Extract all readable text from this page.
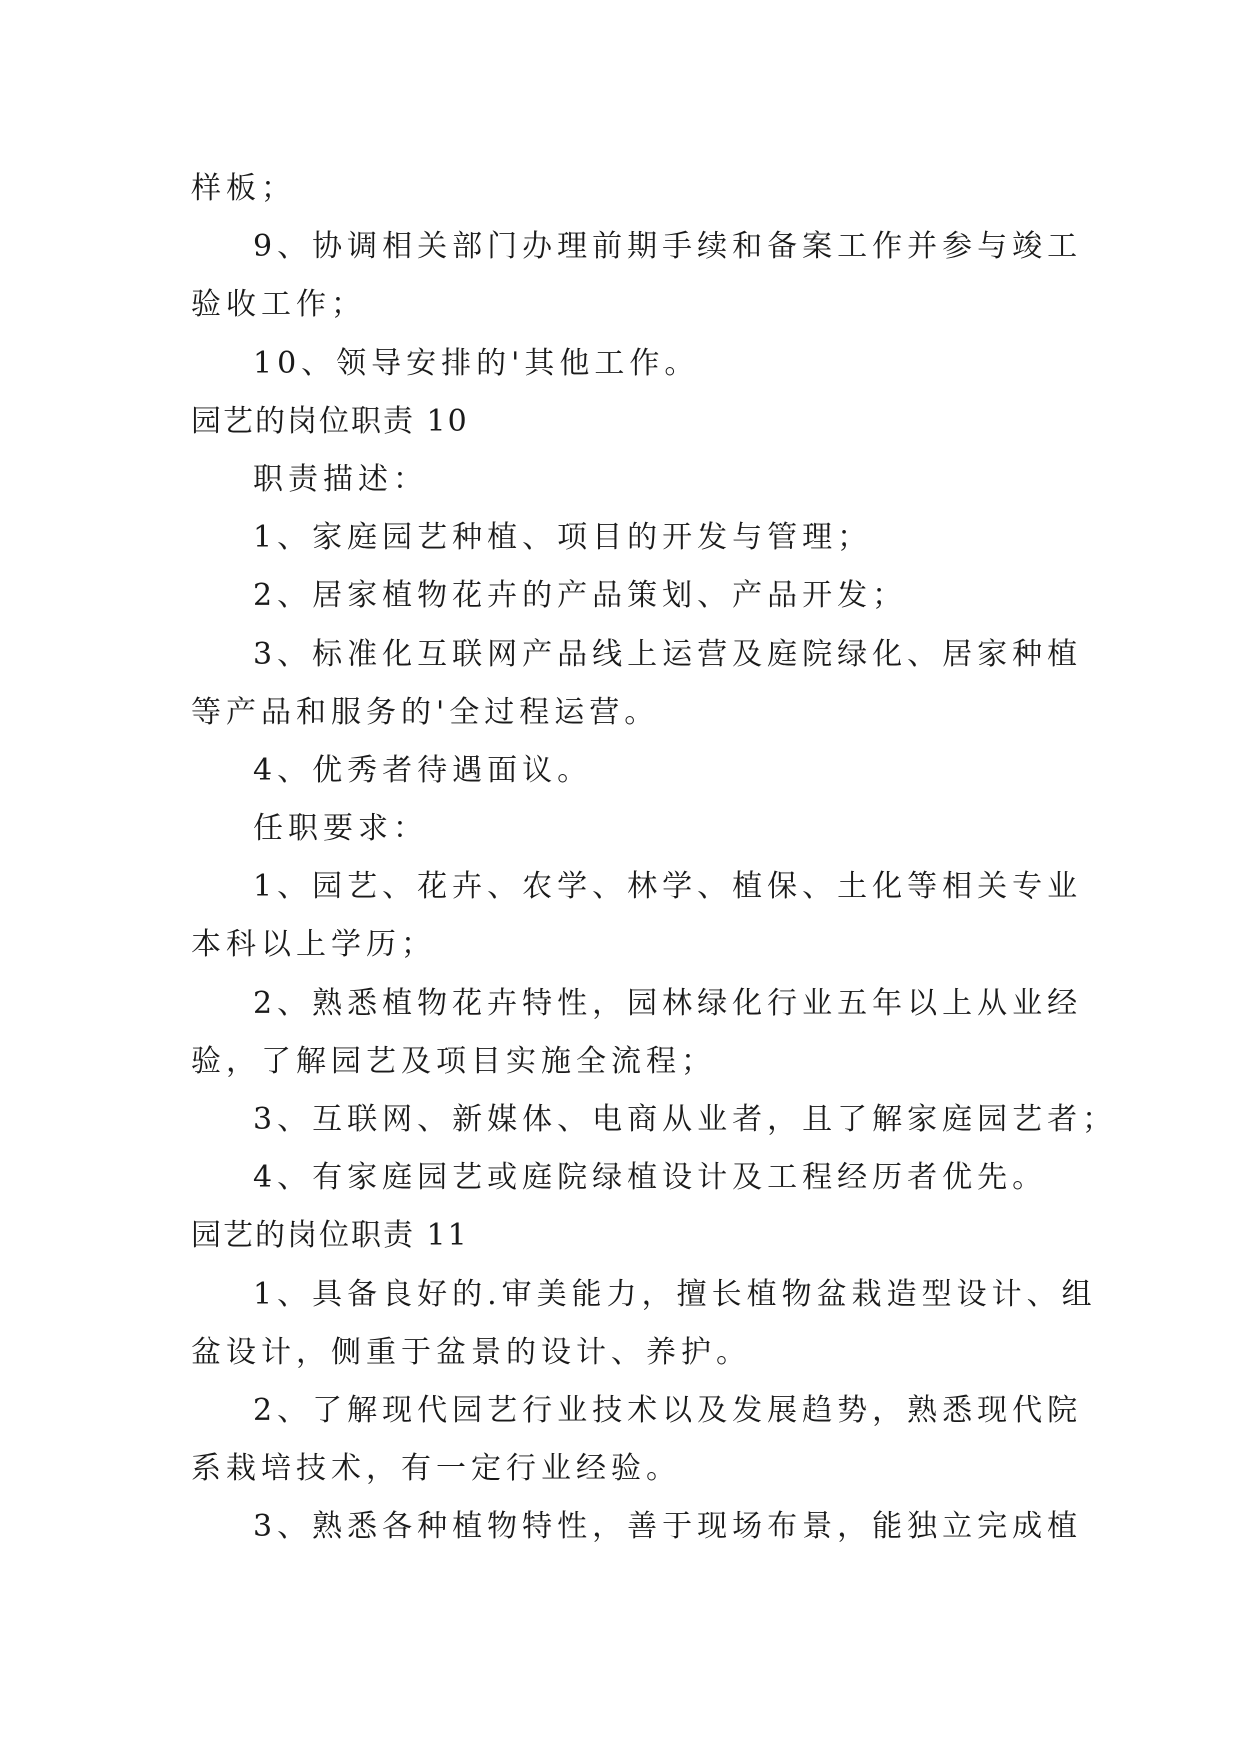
样板；
9、协调相关部门办理前期手续和备案工作并参与竣工
验收工作；
10、领导安排的'其他工作。
园艺的岗位职责 10
职责描述：
1、家庭园艺种植、项目的开发与管理；
2、居家植物花卉的产品策划、产品开发；
3、标准化互联网产品线上运营及庭院绿化、居家种植
等产品和服务的'全过程运营。
4、优秀者待遇面议。
任职要求：
1、园艺、花卉、农学、林学、植保、土化等相关专业
本科以上学历；
2、熟悉植物花卉特性，园林绿化行业五年以上从业经
验，了解园艺及项目实施全流程；
3、互联网、新媒体、电商从业者，且了解家庭园艺者；
4、有家庭园艺或庭院绿植设计及工程经历者优先。
园艺的岗位职责 11
1、具备良好的.审美能力，擅长植物盆栽造型设计、组
盆设计，侧重于盆景的设计、养护。
2、了解现代园艺行业技术以及发展趋势，熟悉现代院
系栽培技术，有一定行业经验。
3、熟悉各种植物特性，善于现场布景，能独立完成植
